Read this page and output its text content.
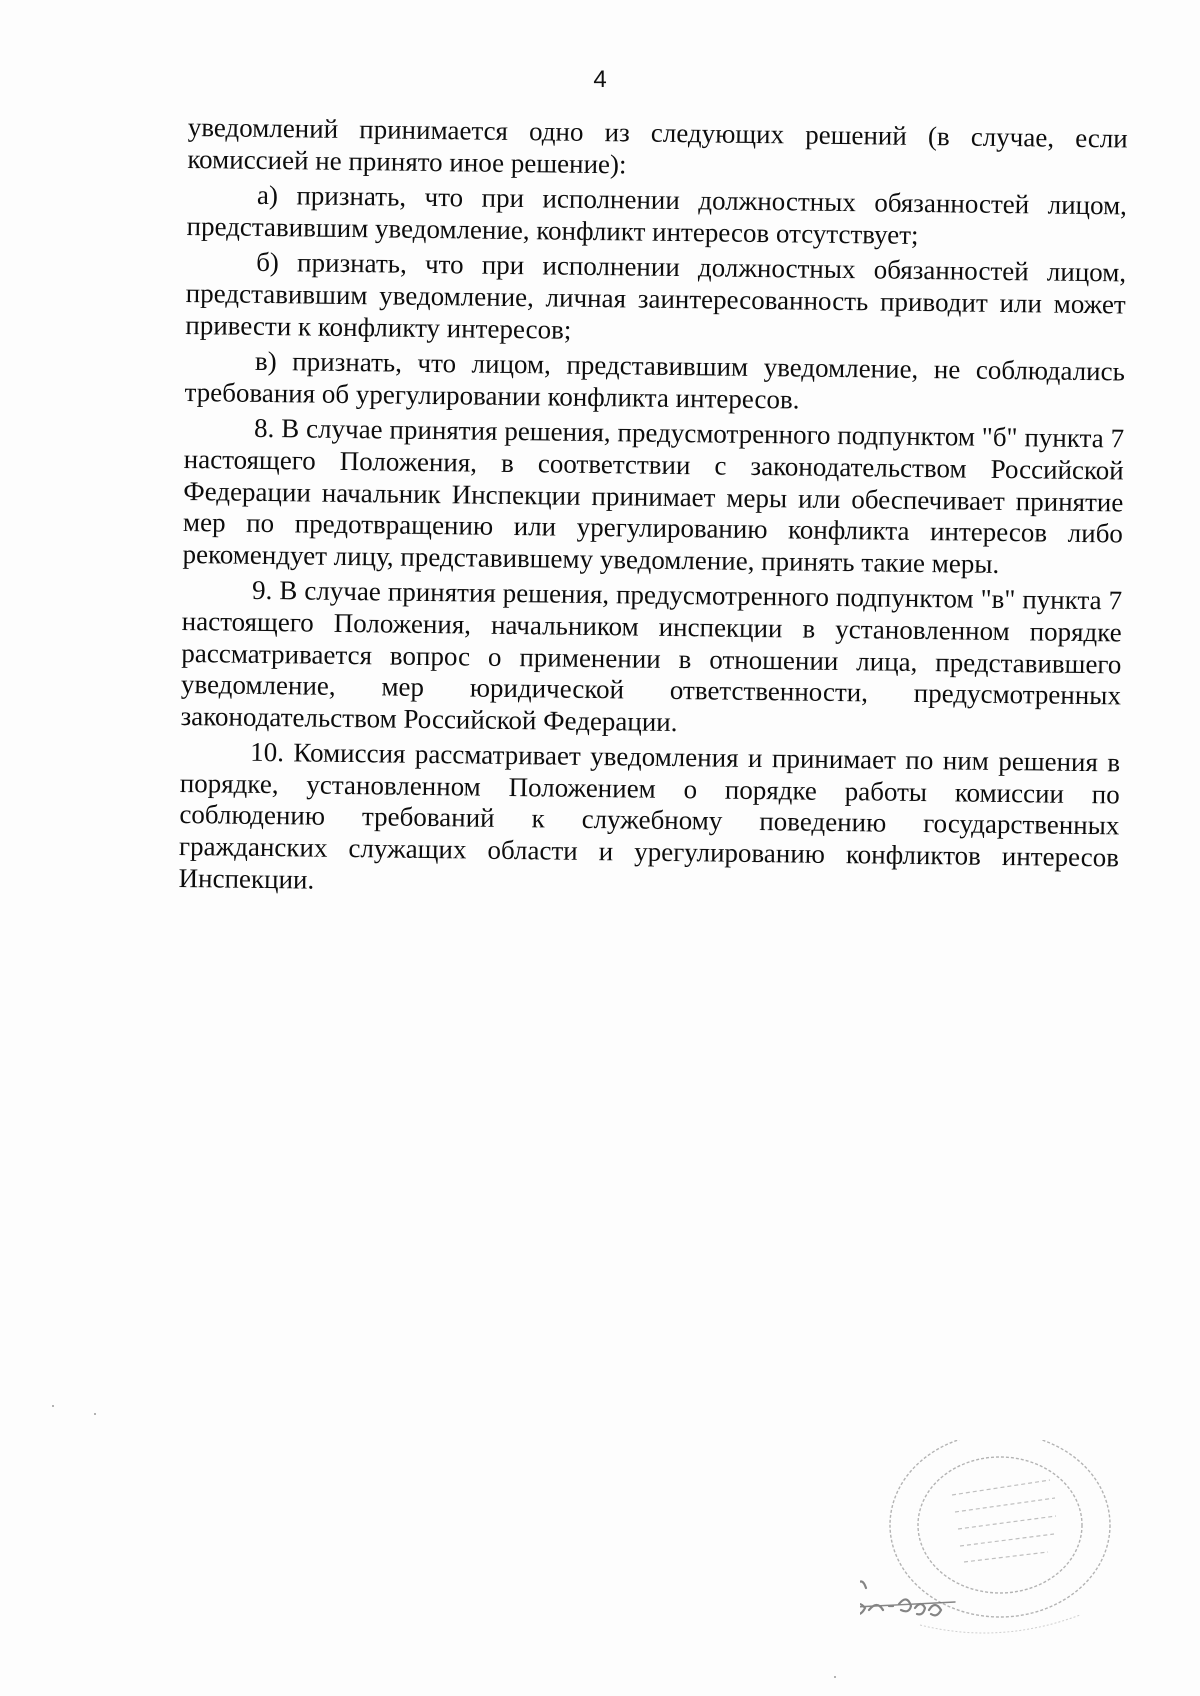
4

уведомлений принимается одно из следующих решений (в случае, если комиссией не принято иное решение):

а) признать, что при исполнении должностных обязанностей лицом, представившим уведомление, конфликт интересов отсутствует;

б) признать, что при исполнении должностных обязанностей лицом, представившим уведомление, личная заинтересованность приводит или может привести к конфликту интересов;

в) признать, что лицом, представившим уведомление, не соблюдались требования об урегулировании конфликта интересов.

8. В случае принятия решения, предусмотренного подпунктом "б" пункта 7 настоящего Положения, в соответствии с законодательством Российской Федерации начальник Инспекции принимает меры или обеспечивает принятие мер по предотвращению или урегулированию конфликта интересов либо рекомендует лицу, представившему уведомление, принять такие меры.

9. В случае принятия решения, предусмотренного подпунктом "в" пункта 7 настоящего Положения, начальником инспекции в установленном порядке рассматривается вопрос о применении в отношении лица, представившего уведомление, мер юридической ответственности, предусмотренных законодательством Российской Федерации.

10. Комиссия рассматривает уведомления и принимает по ним решения в порядке, установленном Положением о порядке работы комиссии по соблюдению требований к служебному поведению государственных гражданских служащих области и урегулированию конфликтов интересов Инспекции.
